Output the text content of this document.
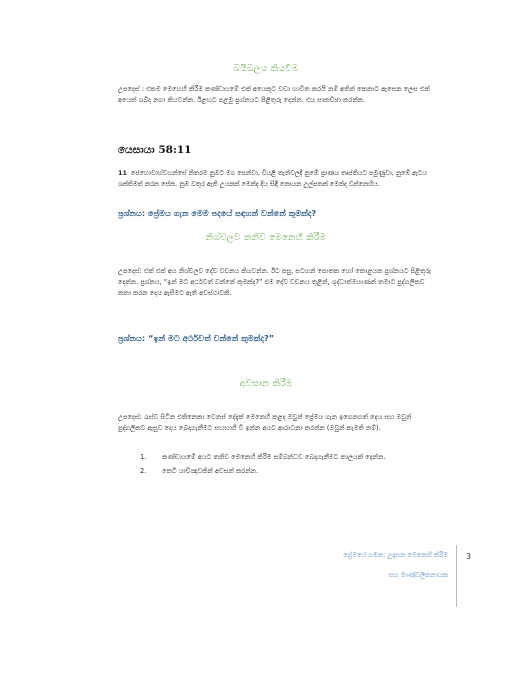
බයිබලය කියවීම
උපදෙස් : එකම මෙහෙහි කිරීම කණ්ඩායමේ එක් අයෙකුට වඩා හාවිත කරයි නම් අතින් කෙනාට ඇසෙන ලෙස එක් අයෙක් ශබ්ද නගා කියවන්න. ඊළඟට පළමු ප්‍රශ්නයට පිළිතුරු දෙන්න. එය සාකච්ඡා කරන්න.
යෙසායා 58:11
11 ජෙහොවාහ්වහන්සේ නිතරම නුඹට මග පෙන්වා, වියළි තැන්වලදී නුඹේ ප්‍රාණය තෘප්තියට පමුණුවා, නුඹේ ඇටය ශක්තිමත් කරන සේක. නුඹ වතුර ඇති උයනක් මෙන්ද දිය සිඳී නොයන උල්පතක් මෙන්ද වන්නෙහිය.
ප්‍රශ්නය: ප්‍රේමය ගැන මෙම පදයේ සඳහන් වන්නේ කුමක්ද?
නිශ්චලව තනිව මෙනෙහි කිරීම
උපදෙස්: එක් එක් අය නිශ්චලව දේව වචනය කියවන්න. ඊට පසු, සටහන් පොතක හෝ කොළයක ප්‍රශ්නයට පිළිතුරු දෙන්න. ප්‍රශ්නය, “ඉන් මට අර්ථවත් වන්නේ කුමක්ද?” එම දේව වචනය තුළින්, ශුද්ධාත්මයාණන් තමාට පුද්ගලිකව කතා කරන දෙය ඇසීමට ඇති අවස්ථාවකි.
ප්‍රශ්නය: “ඉන් මට අර්ථවත් වන්නේ කුමක්ද?”
අවසාන කිරීම
උපදෙස්: රැස්ව සිටින එකිනෙකා වෙනස් දේදැක් මෙනෙහි කළද ඔවුන් ප්‍රේමය ගැන ඉගෙනගත් දෙය සහ ඔවුන් පුද්ගලිකව ඇසුව දෙය බෙදාගැනීමට සහභාගී වී ඉන්න අයට ආරාධනා කරන්න (ඔවුන් කැමති නම්).
1.	කණ්ඩායමේ අයට තනිව මෙනෙහි කිරීම සම්බන්ධව බෙදාගැනීමට කාලයක් දෙන්න.
2.	කෙටි යාච්ඤාවකින් අවසන් කරන්න.
ප්‍රේමයේ ගමන: උදෑසන මෙනෙහි කිරීම
සහ මාණ්ඩලිකනායක
3
